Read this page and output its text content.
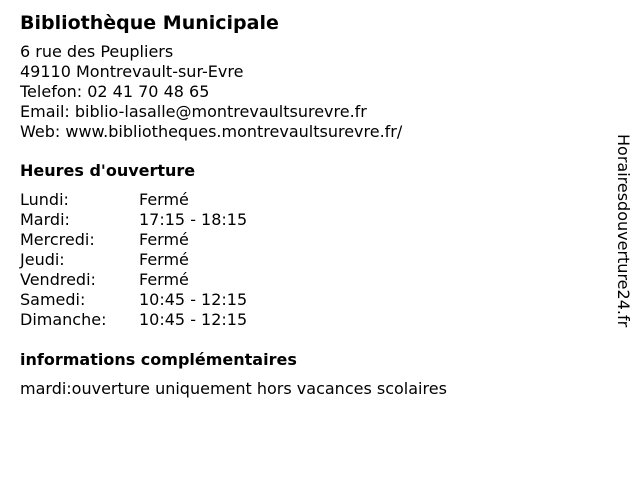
Bibliothèque Municipale
6 rue des Peupliers
49110 Montrevault-sur-Evre
Telefon: 02 41 70 48 65
Email: biblio-lasalle@montrevaultsurevre.fr
Web: www.bibliotheques.montrevaultsurevre.fr/
Heures d'ouverture
Lundi:	Fermé
Mardi:	17:15 - 18:15
Mercredi:	Fermé
Jeudi:	Fermé
Vendredi:	Fermé
Samedi:	10:45 - 12:15
Dimanche:	10:45 - 12:15
informations complémentaires
mardi:ouverture uniquement hors vacances scolaires
Horairesdouverture24.fr
